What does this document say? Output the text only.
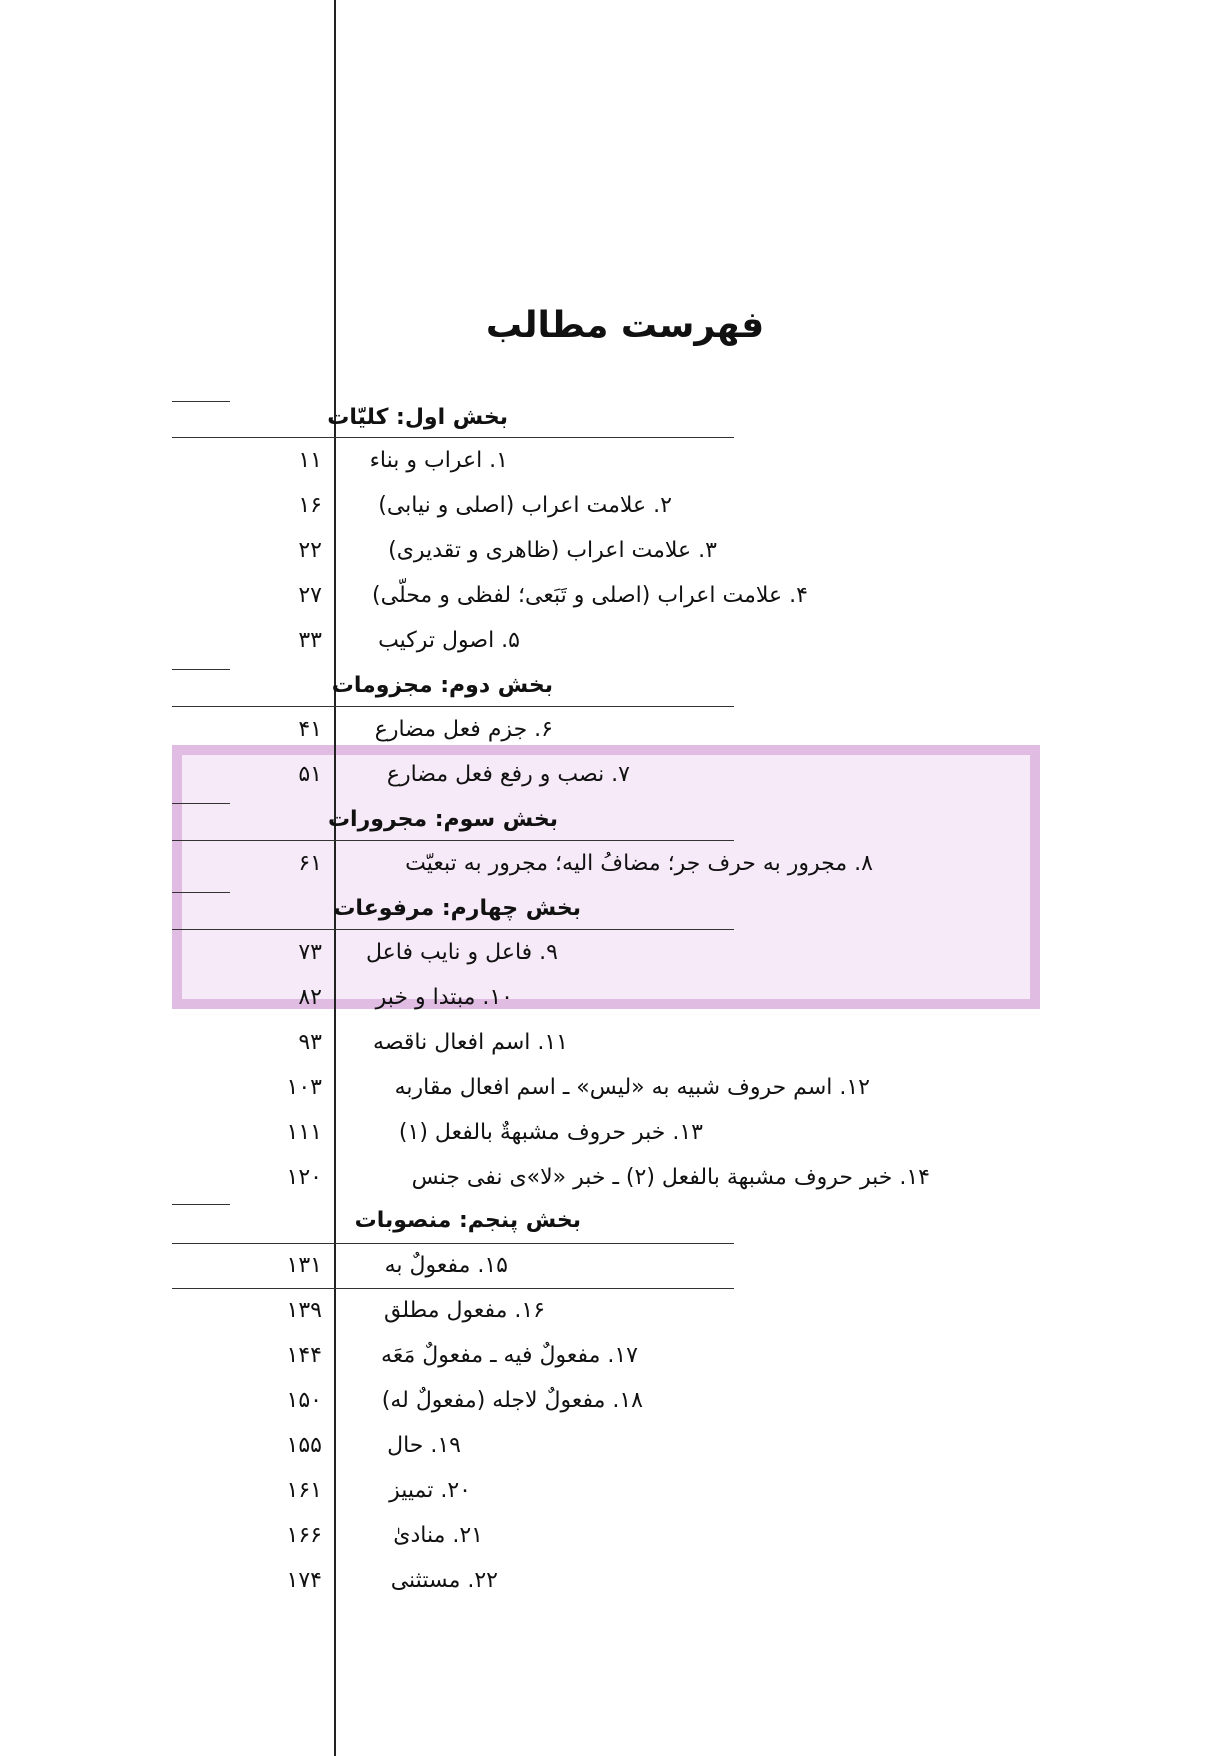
فهرست مطالب
بخش اول: کلیّات
۱. اعراب و بناء
۱۱
۲. علامت اعراب (اصلی و نیابی)
۱۶
۳. علامت اعراب (ظاهری و تقدیری)
۲۲
۴. علامت اعراب (اصلی و تَبَعی؛ لفظی و محلّی)
۲۷
۵. اصول ترکیب
۳۳
بخش دوم: مجزومات
۶. جزم فعل مضارع
۴۱
۷. نصب و رفع فعل مضارع
۵۱
بخش سوم: مجرورات
۸. مجرور به حرف جر؛ مضافُ الیه؛ مجرور به تبعیّت
۶۱
بخش چهارم: مرفوعات
۹. فاعل و نایب فاعل
۷۳
۱۰. مبتدا و خبر
۸۲
۱۱. اسم افعال ناقصه
۹۳
۱۲. اسم حروف شبیه به «لیس» ـ اسم افعال مقاربه
۱۰۳
۱۳. خبر حروف مشبهةٌ بالفعل (۱)
۱۱۱
۱۴. خبر حروف مشبهة بالفعل (۲) ـ خبر «لا»ی نفی جنس
۱۲۰
بخش پنجم: منصوبات
۱۵. مفعولٌ به
۱۳۱
۱۶. مفعول مطلق
۱۳۹
۱۷. مفعولٌ فیه ـ مفعولٌ مَعَه
۱۴۴
۱۸. مفعولٌ لاجله (مفعولٌ له)
۱۵۰
۱۹. حال
۱۵۵
۲۰. تمییز
۱۶۱
۲۱. منادیٰ
۱۶۶
۲۲. مستثنی
۱۷۴
